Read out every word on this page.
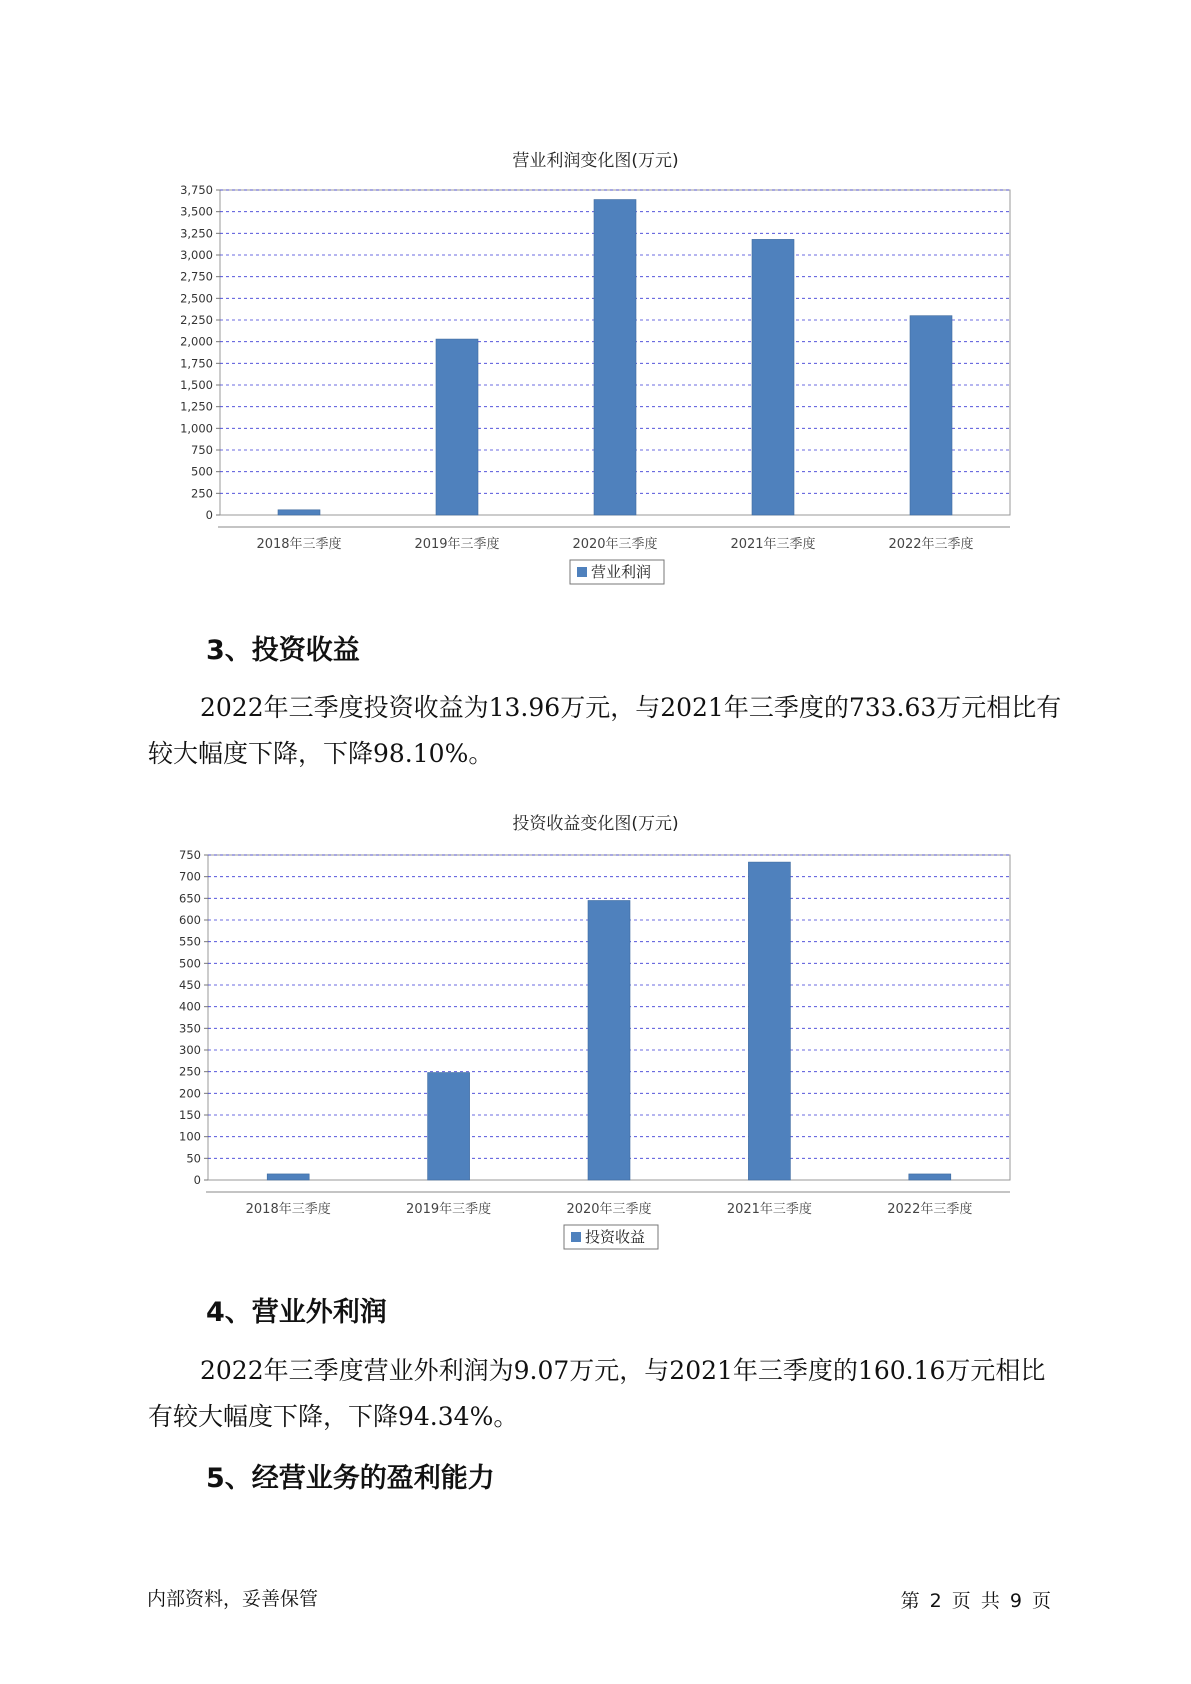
营业利润变化图(万元)
0
250
500
750
1,000
1,250
1,500
1,750
2,000
2,250
2,500
2,750
3,000
3,250
3,500
3,750
2018年三季度	2019年三季度	2020年三季度	2021年三季度	2022年三季度
营业利润
3、投资收益

2022年三季度投资收益为13.96万元，与2021年三季度的733.63万元相比有较大幅度下降，下降98.10%。

投资收益变化图(万元)
0
50
100
150
200
250
300
350
400
450
500
550
600
650
700
750
2018年三季度	2019年三季度	2020年三季度	2021年三季度	2022年三季度
投资收益
4、营业外利润

2022年三季度营业外利润为9.07万元，与2021年三季度的160.16万元相比有较大幅度下降，下降94.34%。

5、经营业务的盈利能力
内部资料，妥善保管	第 2 页 共 9 页
